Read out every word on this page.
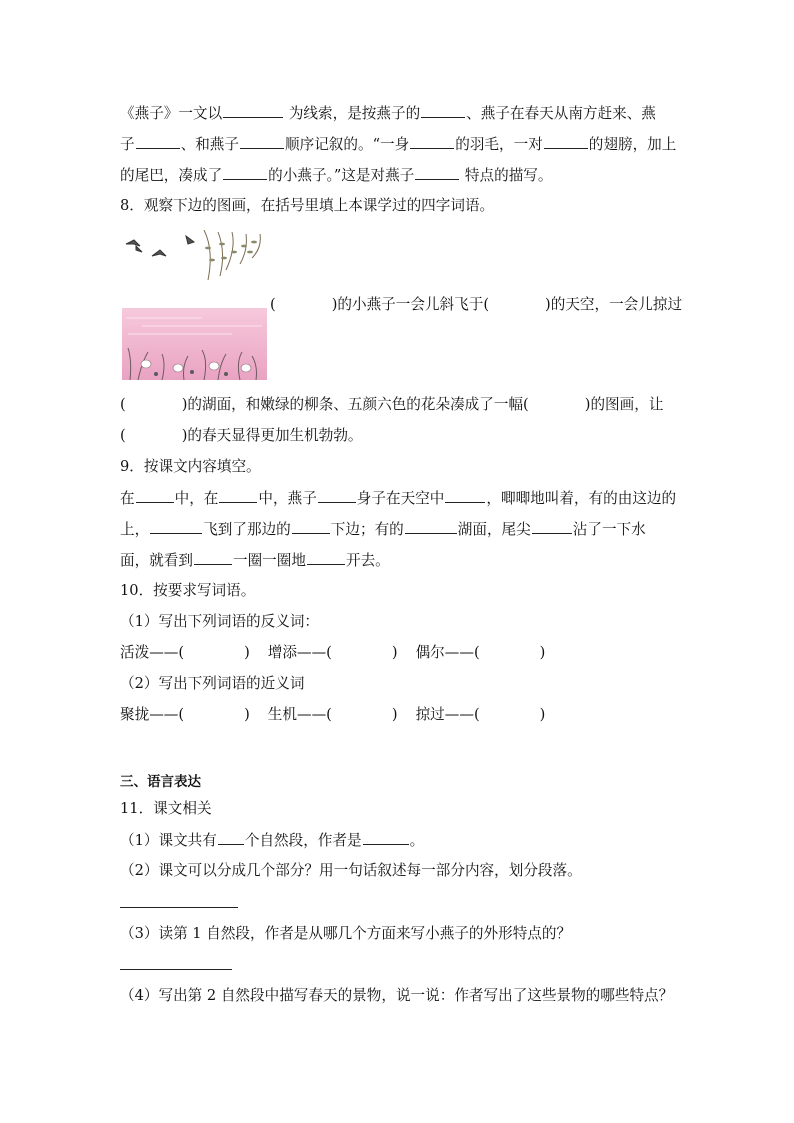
《燕子》一文以	为线索，是按燕子的	、燕子在春天从南方赶来、燕
子	、和燕子	顺序记叙的。“一身	的羽毛，一对	的翅膀，加上
的尾巴，凑成了	的小燕子。”这是对燕子	特点的描写。
8．观察下边的图画，在括号里填上本课学过的四字词语。
(	)的小燕子一会儿斜飞于(	)的天空，一会儿掠过
(	)的湖面，和嫩绿的柳条、五颜六色的花朵凑成了一幅(	)的图画，让
(	)的春天显得更加生机勃勃。
9．按课文内容填空。
在	中，在	中，燕子	身子在天空中	，唧唧地叫着，有的由这边的
上，	飞到了那边的	下边；有的	湖面，尾尖	沾了一下水
面，就看到	一圈一圈地	开去。
10．按要求写词语。
（1）写出下列词语的反义词：
活泼——(	) 增添——(	) 偶尔——(	)
（2）写出下列词语的近义词
聚拢——(	) 生机——(	) 掠过——(	)
三、语言表达
11．课文相关
（1）课文共有 个自然段，作者是	。
（2）课文可以分成几个部分？用一句话叙述每一部分内容，划分段落。
（3）读第 1 自然段，作者是从哪几个方面来写小燕子的外形特点的？
（4）写出第 2 自然段中描写春天的景物，说一说：作者写出了这些景物的哪些特点？
